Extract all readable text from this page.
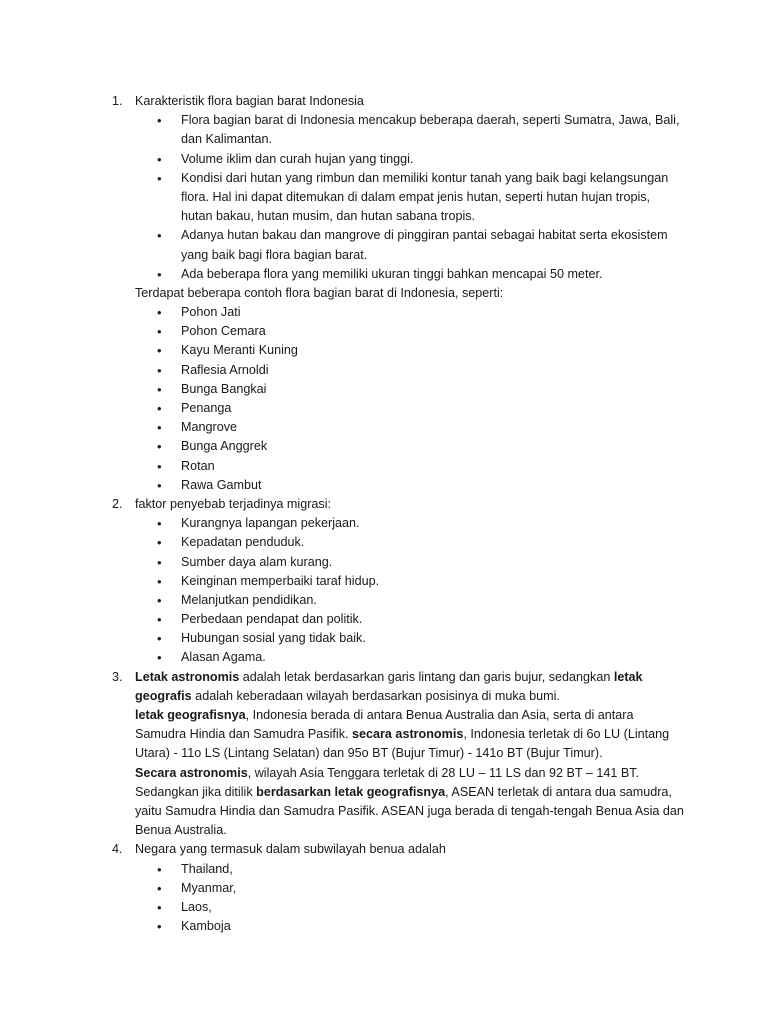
1. Karakteristik flora bagian barat Indonesia
• Flora bagian barat di Indonesia mencakup beberapa daerah, seperti Sumatra, Jawa, Bali,
dan Kalimantan.
• Volume iklim dan curah hujan yang tinggi.
• Kondisi dari hutan yang rimbun dan memiliki kontur tanah yang baik bagi kelangsungan
flora. Hal ini dapat ditemukan di dalam empat jenis hutan, seperti hutan hujan tropis,
hutan bakau, hutan musim, dan hutan sabana tropis.
• Adanya hutan bakau dan mangrove di pinggiran pantai sebagai habitat serta ekosistem
yang baik bagi flora bagian barat.
• Ada beberapa flora yang memiliki ukuran tinggi bahkan mencapai 50 meter.
Terdapat beberapa contoh flora bagian barat di Indonesia, seperti:
• Pohon Jati
• Pohon Cemara
• Kayu Meranti Kuning
• Raflesia Arnoldi
• Bunga Bangkai
• Penanga
• Mangrove
• Bunga Anggrek
• Rotan
• Rawa Gambut
2. faktor penyebab terjadinya migrasi:
• Kurangnya lapangan pekerjaan.
• Kepadatan penduduk.
• Sumber daya alam kurang.
• Keinginan memperbaiki taraf hidup.
• Melanjutkan pendidikan.
• Perbedaan pendapat dan politik.
• Hubungan sosial yang tidak baik.
• Alasan Agama.
3. Letak astronomis adalah letak berdasarkan garis lintang dan garis bujur, sedangkan letak
geografis adalah keberadaan wilayah berdasarkan posisinya di muka bumi.
letak geografisnya, Indonesia berada di antara Benua Australia dan Asia, serta di antara
Samudra Hindia dan Samudra Pasifik. secara astronomis, Indonesia terletak di 6o LU (Lintang
Utara) - 11o LS (Lintang Selatan) dan 95o BT (Bujur Timur) - 141o BT (Bujur Timur).
Secara astronomis, wilayah Asia Tenggara terletak di 28 LU – 11 LS dan 92 BT – 141 BT.
Sedangkan jika ditilik berdasarkan letak geografisnya, ASEAN terletak di antara dua samudra,
yaitu Samudra Hindia dan Samudra Pasifik. ASEAN juga berada di tengah-tengah Benua Asia dan
Benua Australia.
4. Negara yang termasuk dalam subwilayah benua adalah
• Thailand,
• Myanmar,
• Laos,
• Kamboja
